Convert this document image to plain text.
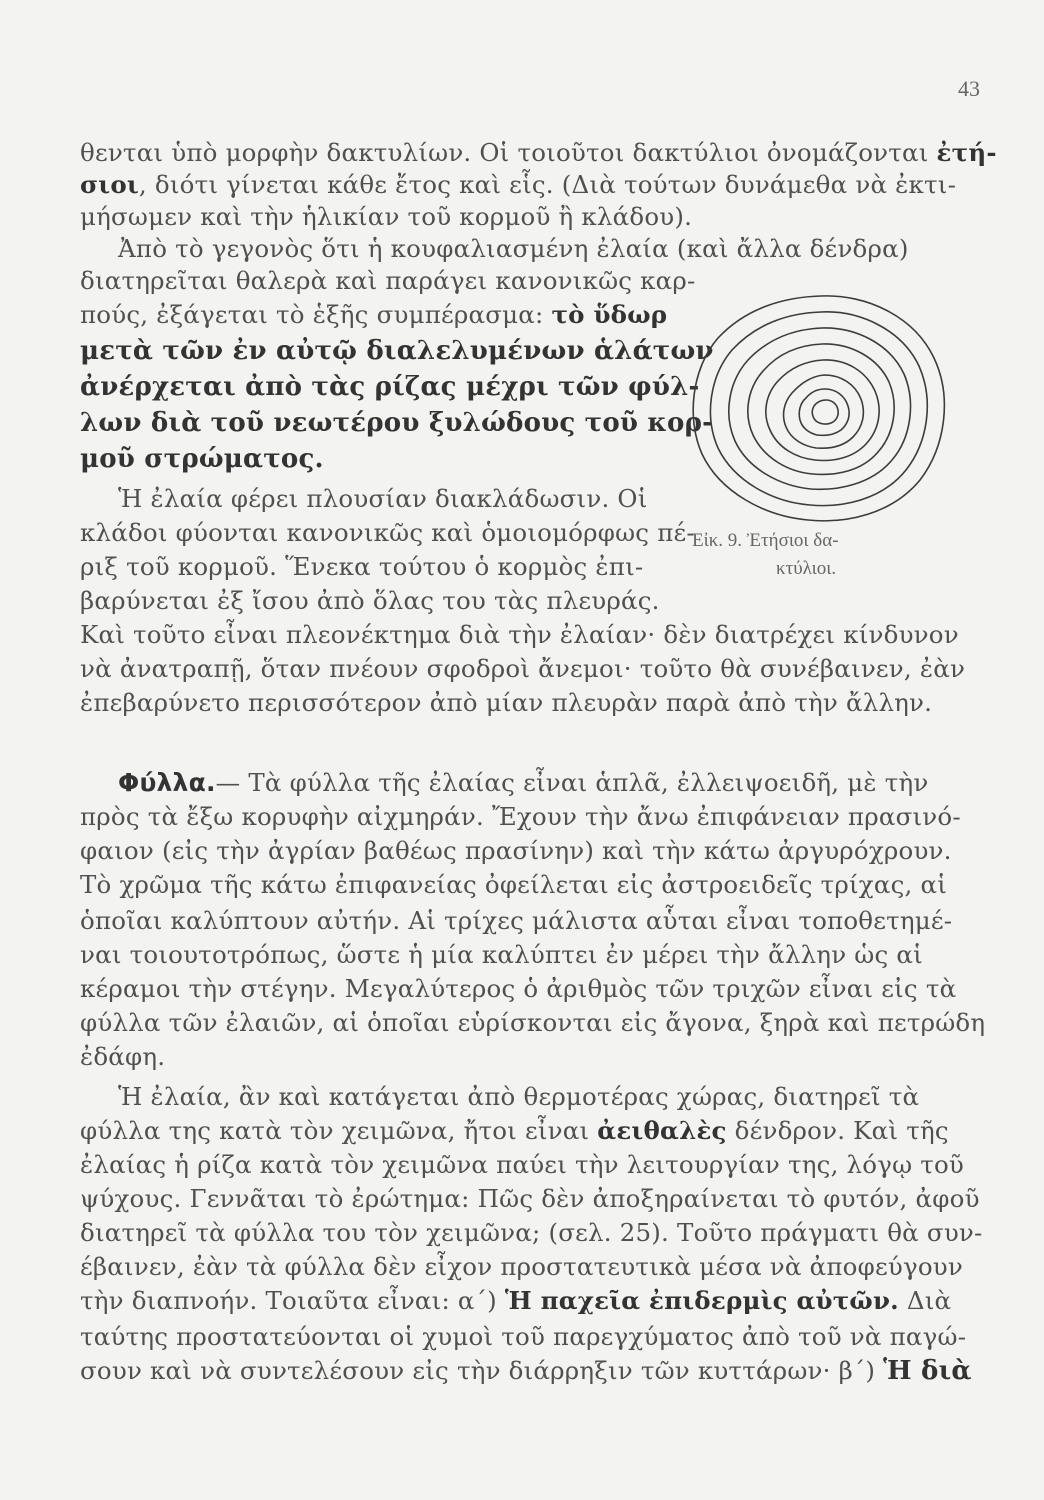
43
θενται ὑπὸ μορφὴν δακτυλίων. Οἱ τοιοῦτοι δακτύλιοι ὀνομάζονται ἐτή-
σιοι, διότι γίνεται κάθε ἔτος καὶ εἷς. (Διὰ τούτων δυνάμεθα νὰ ἐκτι-
μήσωμεν καὶ τὴν ἡλικίαν τοῦ κορμοῦ ἢ κλάδου).
Ἀπὸ τὸ γεγονὸς ὅτι ἡ κουφαλιασμένη ἐλαία (καὶ ἄλλα δένδρα)
διατηρεῖται θαλερὰ καὶ παράγει κανονικῶς καρ-
πούς, ἐξάγεται τὸ ἑξῆς συμπέρασμα: τὸ ὕδωρ
μετὰ τῶν ἐν αὐτῷ διαλελυμένων ἁλάτων
ἀνέρχεται ἀπὸ τὰς ρίζας μέχρι τῶν φύλ-
λων διὰ τοῦ νεωτέρου ξυλώδους τοῦ κορ-
μοῦ στρώματος.
Ἡ ἐλαία φέρει πλουσίαν διακλάδωσιν. Οἱ
κλάδοι φύονται κανονικῶς καὶ ὁμοιομόρφως πέ-
ριξ τοῦ κορμοῦ. Ἕνεκα τούτου ὁ κορμὸς ἐπι-
βαρύνεται ἐξ ἴσου ἀπὸ ὅλας του τὰς πλευράς.
Καὶ τοῦτο εἶναι πλεονέκτημα διὰ τὴν ἐλαίαν· δὲν διατρέχει κίνδυνον
νὰ ἀνατραπῇ, ὅταν πνέουν σφοδροὶ ἄνεμοι· τοῦτο θὰ συνέβαινεν, ἐὰν
ἐπεβαρύνετο περισσότερον ἀπὸ μίαν πλευρὰν παρὰ ἀπὸ τὴν ἄλλην.
Εἰκ. 9. Ἐτήσιοι δα-
κτύλιοι.
Φύλλα.— Τὰ φύλλα τῆς ἐλαίας εἶναι ἁπλᾶ, ἐλλειψοειδῆ, μὲ τὴν
πρὸς τὰ ἔξω κορυφὴν αἰχμηράν. Ἔχουν τὴν ἄνω ἐπιφάνειαν πρασινό-
φαιον (εἰς τὴν ἀγρίαν βαθέως πρασίνην) καὶ τὴν κάτω ἀργυρόχρουν.
Τὸ χρῶμα τῆς κάτω ἐπιφανείας ὀφείλεται εἰς ἀστροειδεῖς τρίχας, αἱ
ὁποῖαι καλύπτουν αὐτήν. Αἱ τρίχες μάλιστα αὗται εἶναι τοποθετημέ-
ναι τοιουτοτρόπως, ὥστε ἡ μία καλύπτει ἐν μέρει τὴν ἄλλην ὡς αἱ
κέραμοι τὴν στέγην. Μεγαλύτερος ὁ ἀριθμὸς τῶν τριχῶν εἶναι εἰς τὰ
φύλλα τῶν ἐλαιῶν, αἱ ὁποῖαι εὑρίσκονται εἰς ἄγονα, ξηρὰ καὶ πετρώδη
ἐδάφη.
Ἡ ἐλαία, ἂν καὶ κατάγεται ἀπὸ θερμοτέρας χώρας, διατηρεῖ τὰ
φύλλα της κατὰ τὸν χειμῶνα, ἤτοι εἶναι ἀειθαλὲς δένδρον. Καὶ τῆς
ἐλαίας ἡ ρίζα κατὰ τὸν χειμῶνα παύει τὴν λειτουργίαν της, λόγῳ τοῦ
ψύχους. Γεννᾶται τὸ ἐρώτημα: Πῶς δὲν ἀποξηραίνεται τὸ φυτόν, ἀφοῦ
διατηρεῖ τὰ φύλλα του τὸν χειμῶνα; (σελ. 25). Τοῦτο πράγματι θὰ συν-
έβαινεν, ἐὰν τὰ φύλλα δὲν εἶχον προστατευτικὰ μέσα νὰ ἀποφεύγουν
τὴν διαπνοήν. Τοιαῦτα εἶναι: α΄) Ἡ παχεῖα ἐπιδερμὶς αὐτῶν. Διὰ
ταύτης προστατεύονται οἱ χυμοὶ τοῦ παρεγχύματος ἀπὸ τοῦ νὰ παγώ-
σουν καὶ νὰ συντελέσουν εἰς τὴν διάρρηξιν τῶν κυττάρων· β΄) Ἡ διὰ
